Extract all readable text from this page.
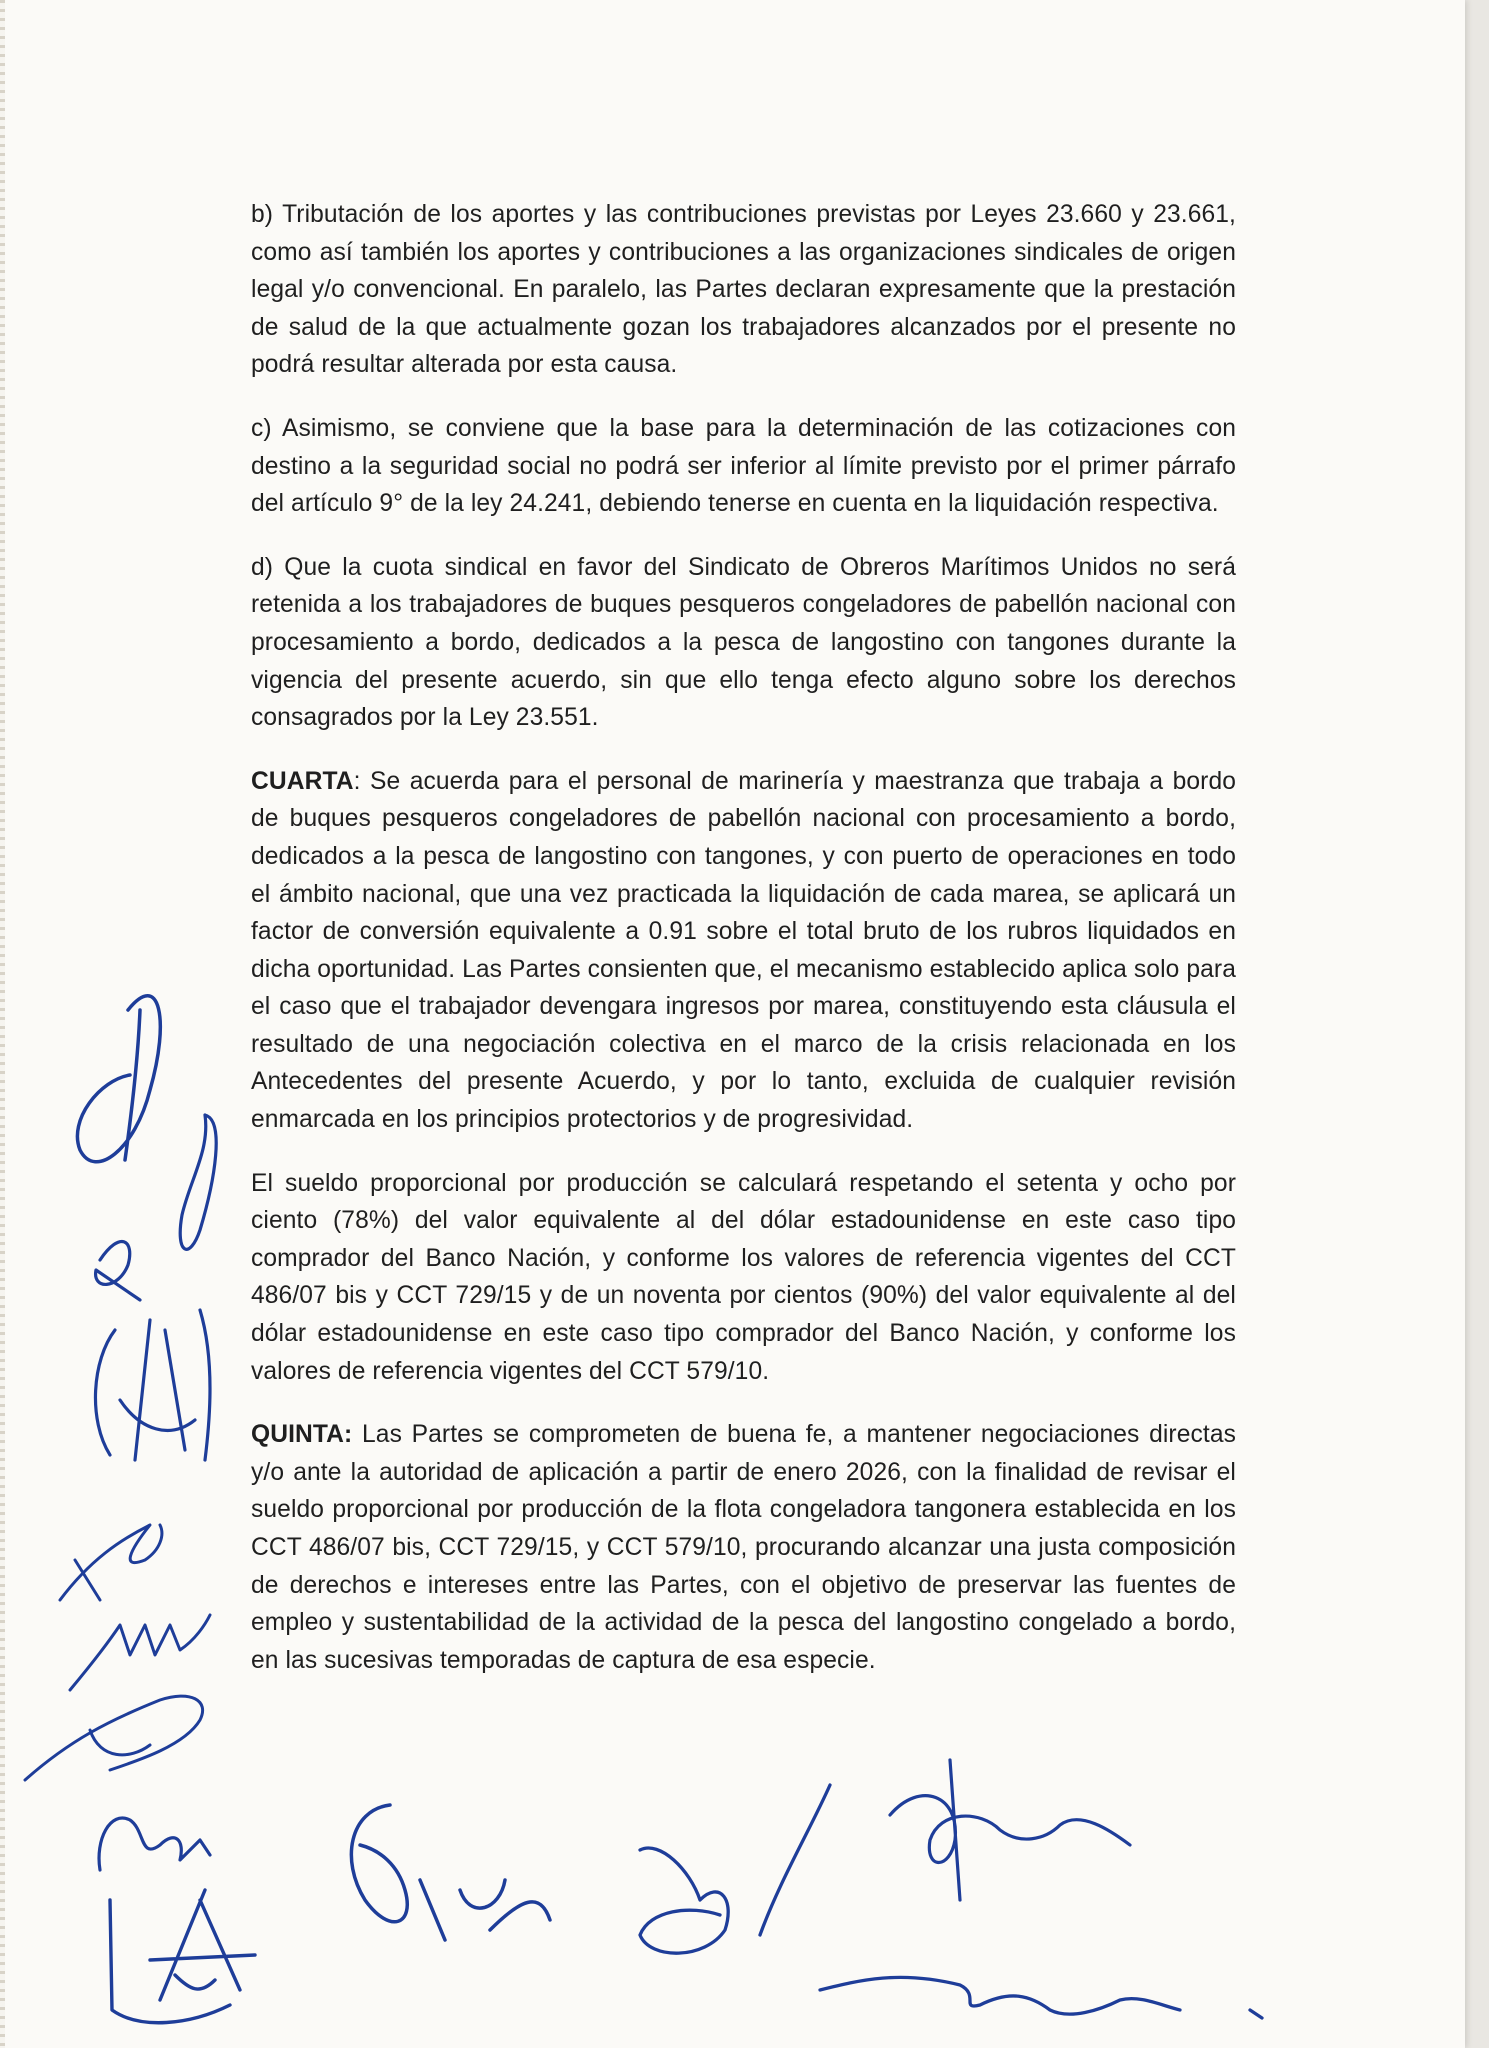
b) Tributación de los aportes y las contribuciones previstas por Leyes 23.660 y 23.661, como así también los aportes y contribuciones a las organizaciones sindicales de origen legal y/o convencional. En paralelo, las Partes declaran expresamente que la prestación de salud de la que actualmente gozan los trabajadores alcanzados por el presente no podrá resultar alterada por esta causa.

c) Asimismo, se conviene que la base para la determinación de las cotizaciones con destino a la seguridad social no podrá ser inferior al límite previsto por el primer párrafo del artículo 9° de la ley 24.241, debiendo tenerse en cuenta en la liquidación respectiva.

d) Que la cuota sindical en favor del Sindicato de Obreros Marítimos Unidos no será retenida a los trabajadores de buques pesqueros congeladores de pabellón nacional con procesamiento a bordo, dedicados a la pesca de langostino con tangones durante la vigencia del presente acuerdo, sin que ello tenga efecto alguno sobre los derechos consagrados por la Ley 23.551.

CUARTA: Se acuerda para el personal de marinería y maestranza que trabaja a bordo de buques pesqueros congeladores de pabellón nacional con procesamiento a bordo, dedicados a la pesca de langostino con tangones, y con puerto de operaciones en todo el ámbito nacional, que una vez practicada la liquidación de cada marea, se aplicará un factor de conversión equivalente a 0.91 sobre el total bruto de los rubros liquidados en dicha oportunidad. Las Partes consienten que, el mecanismo establecido aplica solo para el caso que el trabajador devengara ingresos por marea, constituyendo esta cláusula el resultado de una negociación colectiva en el marco de la crisis relacionada en los Antecedentes del presente Acuerdo, y por lo tanto, excluida de cualquier revisión enmarcada en los principios protectorios y de progresividad.

El sueldo proporcional por producción se calculará respetando el setenta y ocho por ciento (78%) del valor equivalente al del dólar estadounidense en este caso tipo comprador del Banco Nación, y conforme los valores de referencia vigentes del CCT 486/07 bis y CCT 729/15 y de un noventa por cientos (90%) del valor equivalente al del dólar estadounidense en este caso tipo comprador del Banco Nación, y conforme los valores de referencia vigentes del CCT 579/10.

QUINTA: Las Partes se comprometen de buena fe, a mantener negociaciones directas y/o ante la autoridad de aplicación a partir de enero 2026, con la finalidad de revisar el sueldo proporcional por producción de la flota congeladora tangonera establecida en los CCT 486/07 bis, CCT 729/15, y CCT 579/10, procurando alcanzar una justa composición de derechos e intereses entre las Partes, con el objetivo de preservar las fuentes de empleo y sustentabilidad de la actividad de la pesca del langostino congelado a bordo, en las sucesivas temporadas de captura de esa especie.
